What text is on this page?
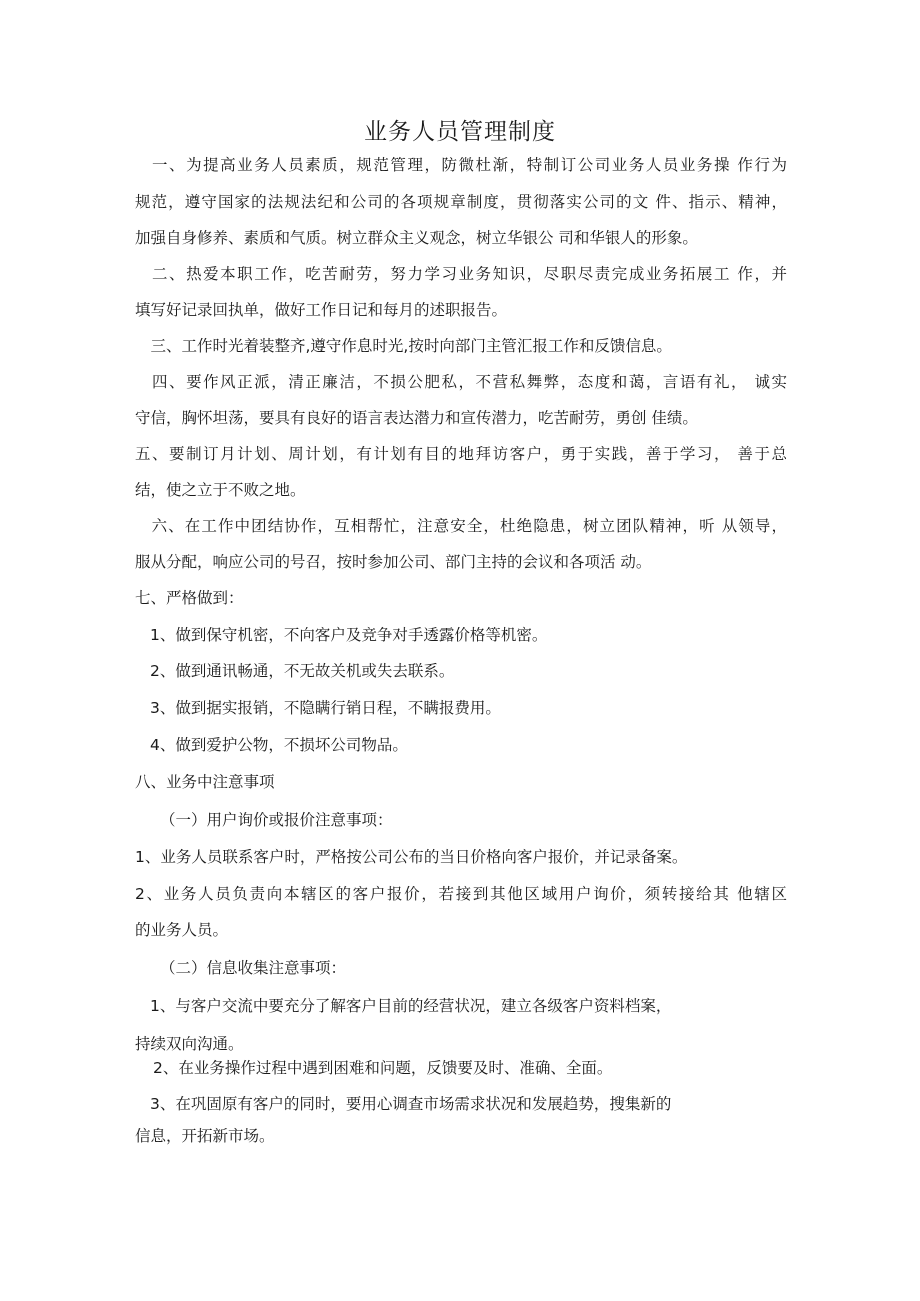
业务人员管理制度
　一、为提高业务人员素质，规范管理，防微杜渐，特制订公司业务人员业务操 作行为
规范，遵守国家的法规法纪和公司的各项规章制度，贯彻落实公司的文 件、指示、精神，
加强自身修养、素质和气质。树立群众主义观念，树立华银公 司和华银人的形象。
　二、热爱本职工作，吃苦耐劳，努力学习业务知识，尽职尽责完成业务拓展工 作，并
填写好记录回执单，做好工作日记和每月的述职报告。
　三、工作时光着装整齐,遵守作息时光,按时向部门主管汇报工作和反馈信息。
　四、要作风正派，清正廉洁，不损公肥私，不营私舞弊，态度和蔼，言语有礼， 诚实
守信，胸怀坦荡，要具有良好的语言表达潜力和宣传潜力，吃苦耐劳，勇创 佳绩。
五、要制订月计划、周计划，有计划有目的地拜访客户，勇于实践，善于学习， 善于总
结，使之立于不败之地。
　六、在工作中团结协作，互相帮忙，注意安全，杜绝隐患，树立团队精神，听 从领导，
服从分配，响应公司的号召，按时参加公司、部门主持的会议和各项活 动。
七、严格做到：
1、做到保守机密，不向客户及竞争对手透露价格等机密。
2、做到通讯畅通，不无故关机或失去联系。
3、做到据实报销，不隐瞒行销日程，不瞒报费用。
4、做到爱护公物，不损坏公司物品。
八、业务中注意事项
（一）用户询价或报价注意事项：
1、业务人员联系客户时，严格按公司公布的当日价格向客户报价，并记录备案。
2、业务人员负责向本辖区的客户报价，若接到其他区域用户询价，须转接给其 他辖区
的业务人员。
（二）信息收集注意事项：
1、与客户交流中要充分了解客户目前的经营状况，建立各级客户资料档案，
持续双向沟通。
2、在业务操作过程中遇到困难和问题，反馈要及时、准确、全面。
3、在巩固原有客户的同时，要用心调查市场需求状况和发展趋势，搜集新的
信息，开拓新市场。
